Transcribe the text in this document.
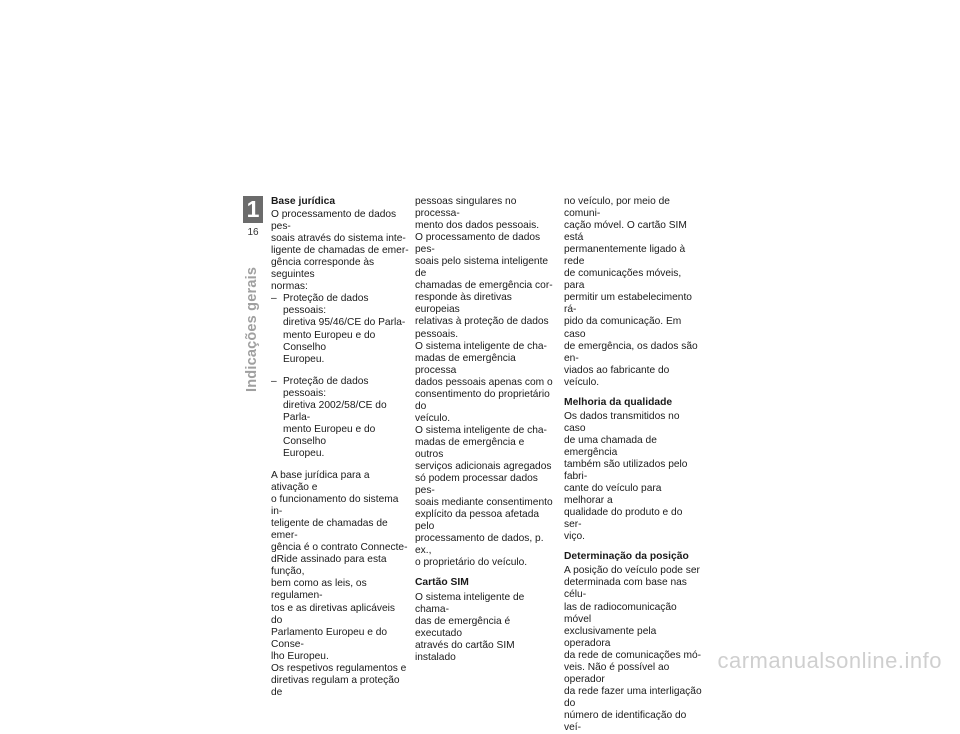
1
16
Indicações gerais
Base jurídica

O processamento de dados pes-
soais através do sistema inte-
ligente de chamadas de emer-
gência corresponde às seguintes
normas:

– Proteção de dados pessoais:
diretiva 95/46/CE do Parla-
mento Europeu e do Conselho
Europeu.
– Proteção de dados pessoais:
diretiva 2002/58/CE do Parla-
mento Europeu e do Conselho
Europeu.

A base jurídica para a ativação e
o funcionamento do sistema in-
teligente de chamadas de emer-
gência é o contrato Connecte-
dRide assinado para esta função,
bem como as leis, os regulamen-
tos e as diretivas aplicáveis do
Parlamento Europeu e do Conse-
lho Europeu.

Os respetivos regulamentos e
diretivas regulam a proteção de

pessoas singulares no processa-
mento dos dados pessoais.

O processamento de dados pes-
soais pelo sistema inteligente de
chamadas de emergência cor-
responde às diretivas europeias
relativas à proteção de dados
pessoais.

O sistema inteligente de cha-
madas de emergência processa
dados pessoais apenas com o
consentimento do proprietário do
veículo.

O sistema inteligente de cha-
madas de emergência e outros
serviços adicionais agregados
só podem processar dados pes-
soais mediante consentimento
explícito da pessoa afetada pelo
processamento de dados, p. ex.,
o proprietário do veículo.

Cartão SIM

O sistema inteligente de chama-
das de emergência é executado
através do cartão SIM instalado

no veículo, por meio de comuni-
cação móvel. O cartão SIM está
permanentemente ligado à rede
de comunicações móveis, para
permitir um estabelecimento rá-
pido da comunicação. Em caso
de emergência, os dados são en-
viados ao fabricante do veículo.

Melhoria da qualidade

Os dados transmitidos no caso
de uma chamada de emergência
também são utilizados pelo fabri-
cante do veículo para melhorar a
qualidade do produto e do ser-
viço.

Determinação da posição

A posição do veículo pode ser
determinada com base nas célu-
las de radiocomunicação móvel
exclusivamente pela operadora
da rede de comunicações mó-
veis. Não é possível ao operador
da rede fazer uma interligação do
número de identificação do veí-

carmanualsonline.info
